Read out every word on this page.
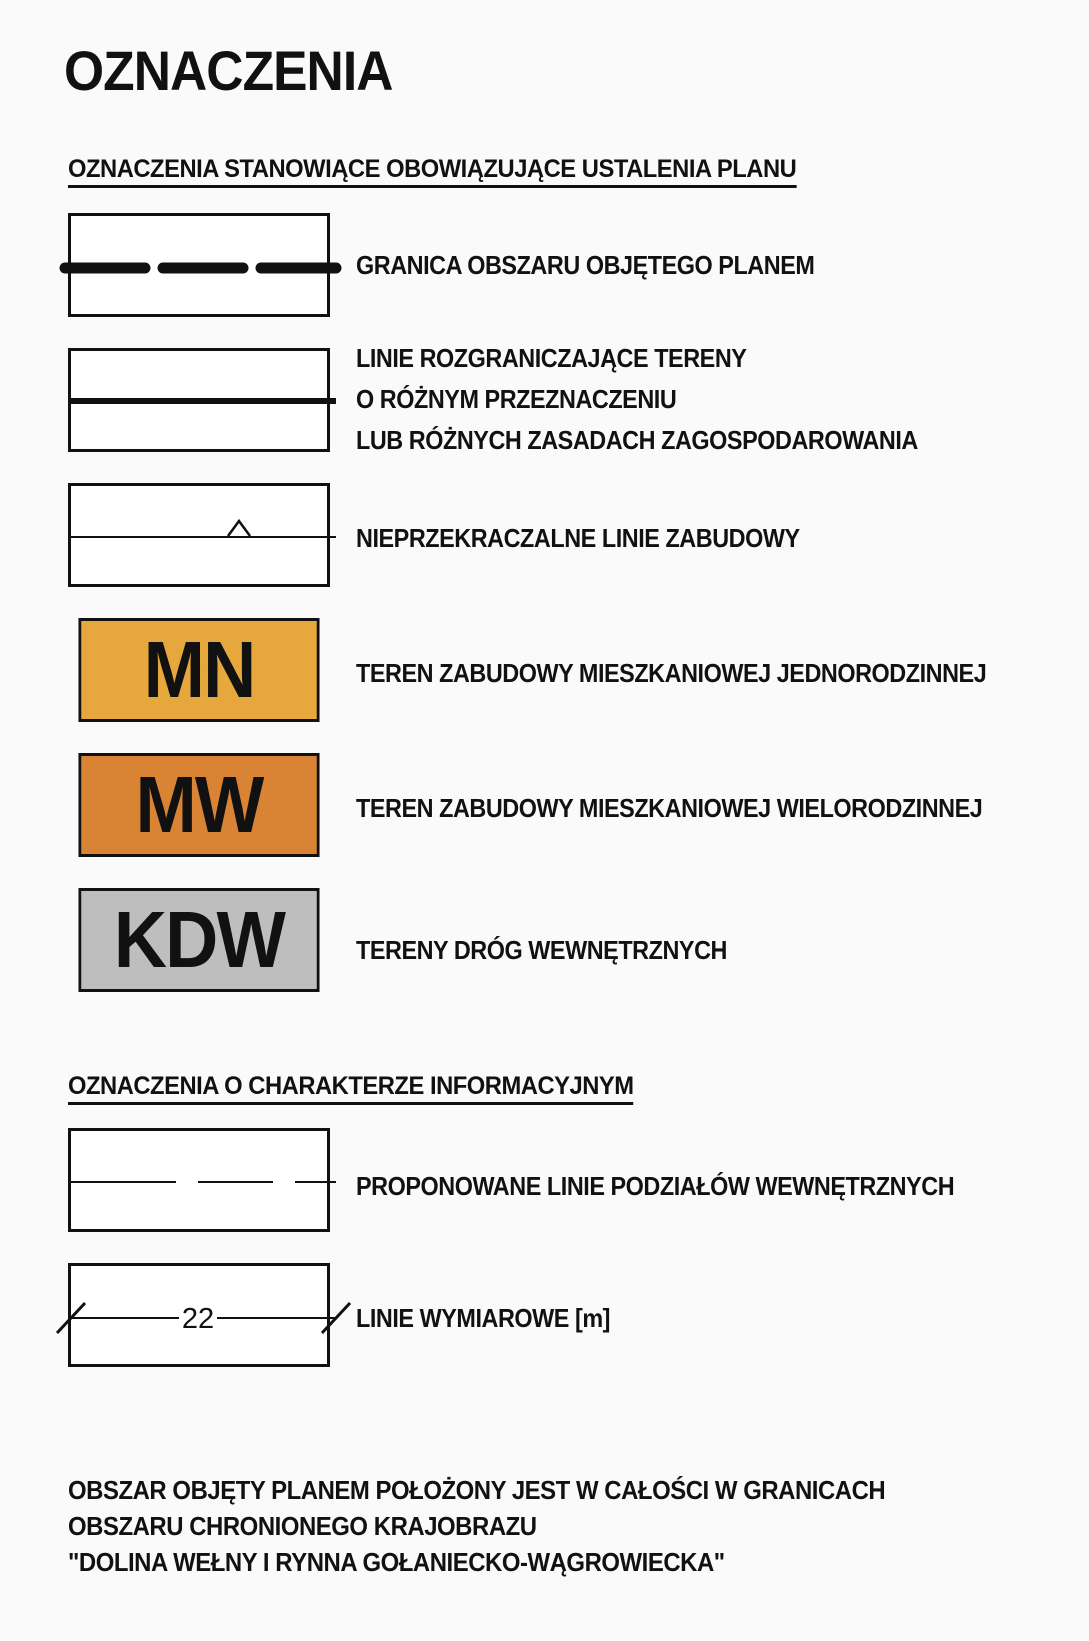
OZNACZENIA
OZNACZENIA STANOWIĄCE OBOWIĄZUJĄCE USTALENIA PLANU
GRANICA OBSZARU OBJĘTEGO PLANEM
LINIE ROZGRANICZAJĄCE TERENY
O RÓŻNYM PRZEZNACZENIU
LUB RÓŻNYCH ZASADACH ZAGOSPODAROWANIA
NIEPRZEKRACZALNE LINIE ZABUDOWY
MN	TEREN ZABUDOWY MIESZKANIOWEJ JEDNORODZINNEJ
MW	TEREN ZABUDOWY MIESZKANIOWEJ WIELORODZINNEJ
KDW	TERENY DRÓG WEWNĘTRZNYCH
OZNACZENIA O CHARAKTERZE INFORMACYJNYM
PROPONOWANE LINIE PODZIAŁÓW WEWNĘTRZNYCH
22	LINIE WYMIAROWE [m]
OBSZAR OBJĘTY PLANEM POŁOŻONY JEST W CAŁOŚCI W GRANICACH
OBSZARU CHRONIONEGO KRAJOBRAZU
"DOLINA WEŁNY I RYNNA GOŁANIECKO-WĄGROWIECKA"
